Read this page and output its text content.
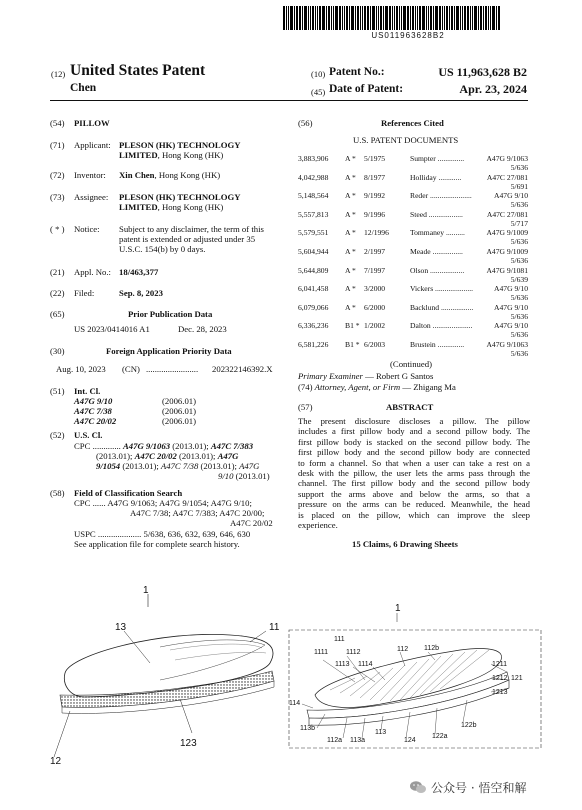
US011963628B2
(12) United States Patent
Chen
(10) Patent No.:	US 11,963,628 B2
(45) Date of Patent:	Apr. 23, 2024
(54) PILLOW
(71) Applicant: PLESON (HK) TECHNOLOGY
LIMITED, Hong Kong (HK)
(72) Inventor: Xin Chen, Hong Kong (HK)
(73) Assignee: PLESON (HK) TECHNOLOGY
LIMITED, Hong Kong (HK)
( * ) Notice: Subject to any disclaimer, the term of this
patent is extended or adjusted under 35
U.S.C. 154(b) by 0 days.
(21) Appl. No.: 18/463,377
(22) Filed:	Sep. 8, 2023
(65)	Prior Publication Data
US 2023/0414016 A1	Dec. 28, 2023
(30)	Foreign Application Priority Data
Aug. 10, 2023 (CN) ........................ 202322146392.X
(51) Int. Cl.
A47G 9/10	(2006.01)
A47C 7/38	(2006.01)
A47C 20/02	(2006.01)
(52) U.S. Cl.
CPC ............. A47G 9/1063 (2013.01); A47C 7/383
(2013.01); A47C 20/02 (2013.01); A47G
9/1054 (2013.01); A47C 7/38 (2013.01); A47G
9/10 (2013.01)
(58) Field of Classification Search
CPC ...... A47G 9/1063; A47G 9/1054; A47G 9/10;
A47C 7/38; A47C 7/383; A47C 20/00;
A47C 20/02
USPC .................... 5/638, 636, 632, 639, 646, 630
See application file for complete search history.
(56)	References Cited
U.S. PATENT DOCUMENTS
3,883,906 A * 5/1975	Sumpter ..............	A47G 9/1063
5/636
4,042,988 A * 8/1977	Holliday ............	A47C 27/081
5/691
5,148,564 A * 9/1992	Reder ......................	A47G 9/10
5/636
5,557,813 A * 9/1996	Steed ..................	A47C 27/081
5/717
5,579,551 A * 12/1996	Tommaney ..........	A47G 9/1009
5/636
5,604,944 A * 2/1997	Meade ................	A47G 9/1009
5/636
5,644,809 A * 7/1997	Olson ..................	A47G 9/1081
5/639
6,041,458 A * 3/2000	Vickers ....................	A47G 9/10
5/636
6,079,066 A * 6/2000	Backlund .................	A47G 9/10
5/636
6,336,236 B1 * 1/2002	Dalton .....................	A47G 9/10
5/636
6,581,226 B1 * 6/2003	Brustein ..............	A47G 9/1063
5/636
(Continued)
Primary Examiner — Robert G Santos
(74) Attorney, Agent, or Firm — Zhigang Ma
(57)	ABSTRACT
The present disclosure discloses a pillow. The pillow
includes a first pillow body and a second pillow body. The
first pillow body is stacked on the second pillow body. The
first pillow body and the second pillow body are connected
to form a channel. So that when a user can take a rest on a
desk with the pillow, the user lets the arms pass through the
channel. The first pillow body and the second pillow body
support the arms above and below the arms, so that a
pressure on the arms can be reduced. Meanwhile, the head
is placed on the pillow, which can improve the sleep
experience.
15 Claims, 6 Drawing Sheets
1
13	11
123
12
1
111
1111	1112
1113 1114
112 112b
1211
1212 121
1213
114
113b
112a 113a
113
124
122a
122b
公众号 · 悟空和解
